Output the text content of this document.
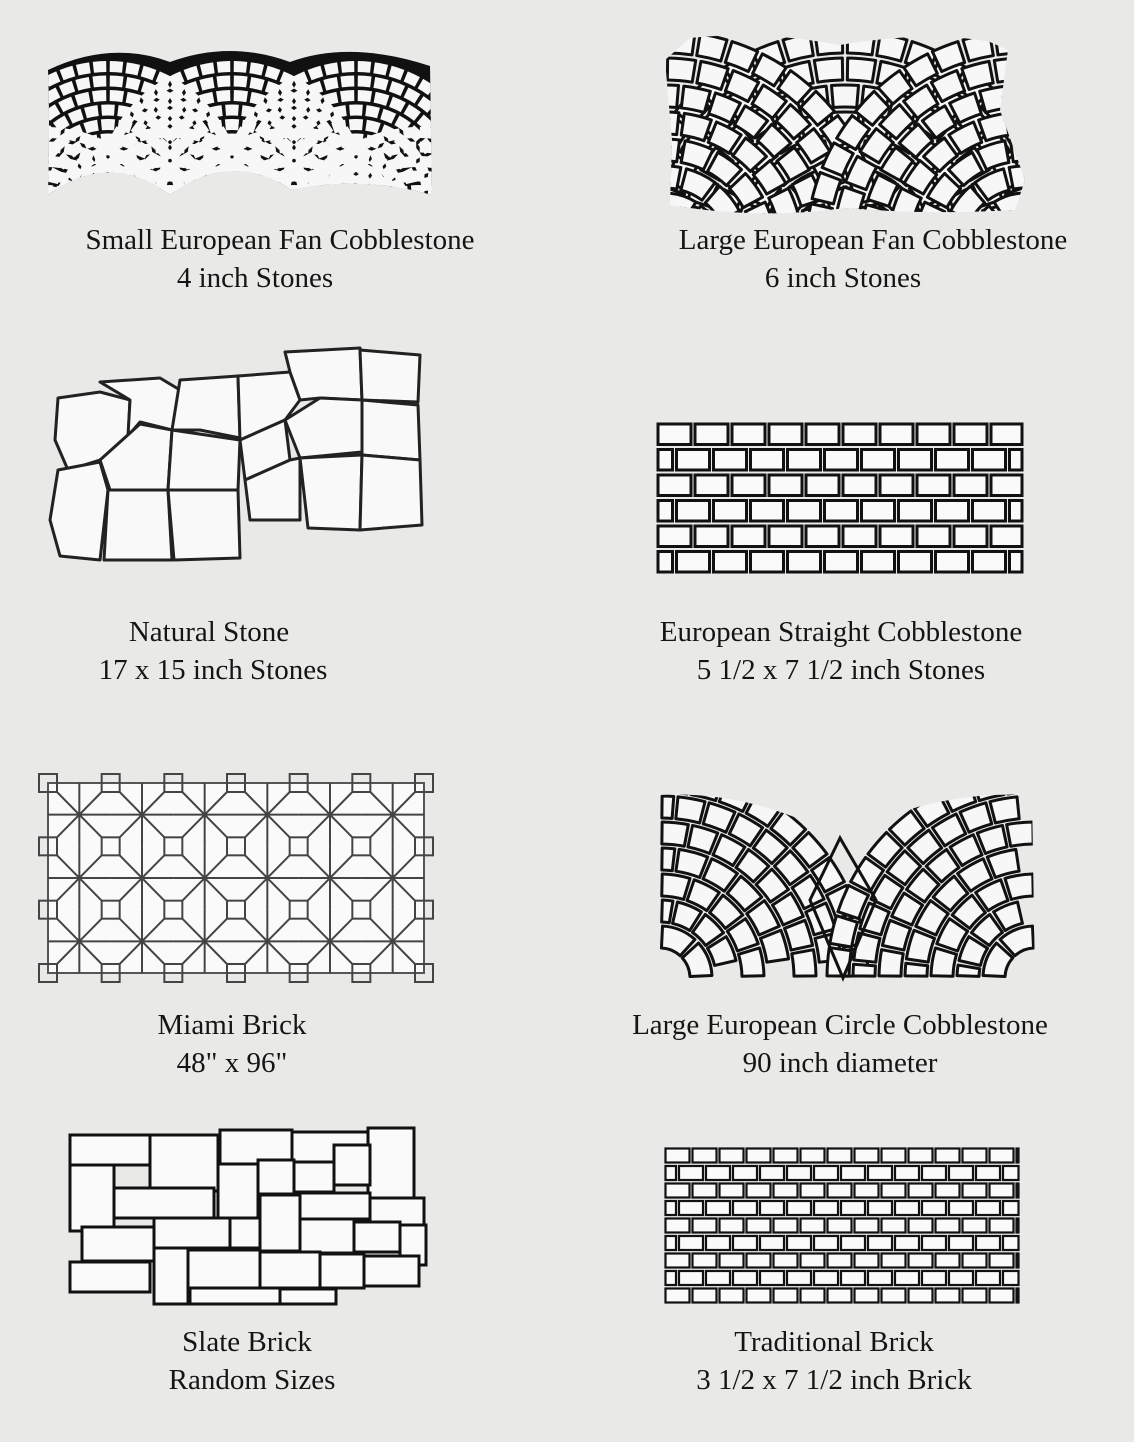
Small European Fan Cobblestone
4 inch Stones
Large European Fan Cobblestone
6 inch Stones
Natural Stone
17 x 15 inch Stones
European Straight Cobblestone
5 1/2 x 7 1/2 inch Stones
Miami Brick
48" x 96"
Large European Circle Cobblestone
90 inch diameter
Slate Brick
Random Sizes
Traditional Brick
3 1/2 x 7 1/2 inch Brick
